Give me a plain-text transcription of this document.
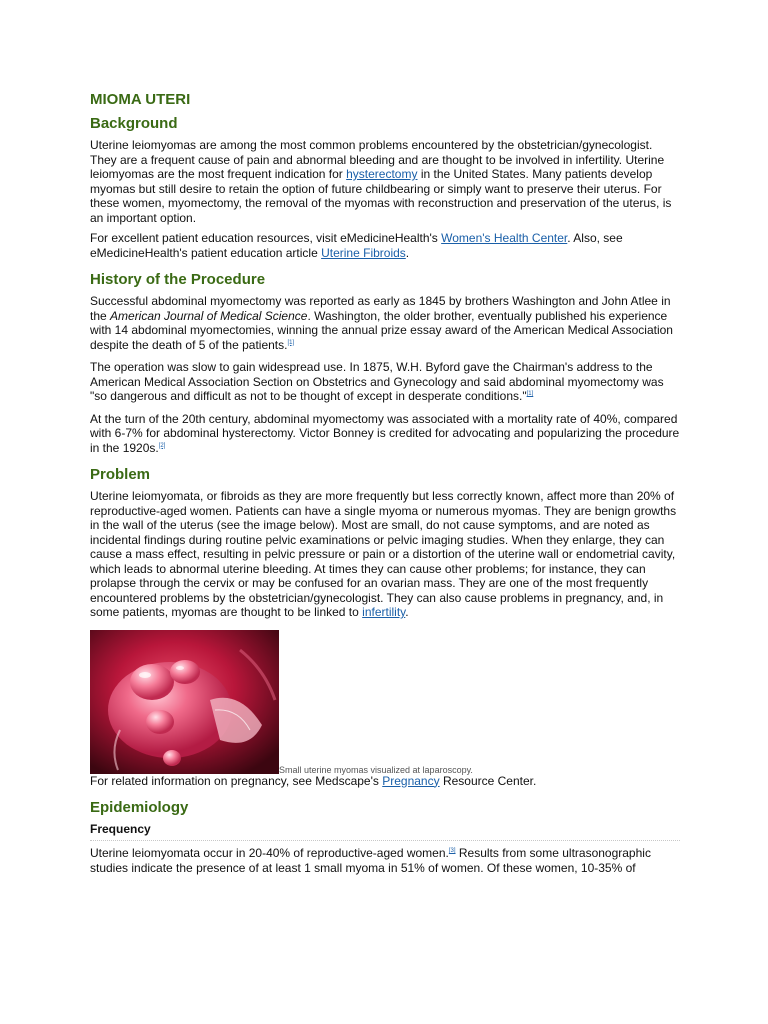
MIOMA UTERI
Background

Uterine leiomyomas are among the most common problems encountered by the obstetrician/gynecologist. They are a frequent cause of pain and abnormal bleeding and are thought to be involved in infertility. Uterine leiomyomas are the most frequent indication for hysterectomy in the United States. Many patients develop myomas but still desire to retain the option of future childbearing or simply want to preserve their uterus. For these women, myomectomy, the removal of the myomas with reconstruction and preservation of the uterus, is an important option.

For excellent patient education resources, visit eMedicineHealth's Women's Health Center. Also, see eMedicineHealth's patient education article Uterine Fibroids.

History of the Procedure

Successful abdominal myomectomy was reported as early as 1845 by brothers Washington and John Atlee in the American Journal of Medical Science. Washington, the older brother, eventually published his experience with 14 abdominal myomectomies, winning the annual prize essay award of the American Medical Association despite the death of 5 of the patients.[1]

The operation was slow to gain widespread use. In 1875, W.H. Byford gave the Chairman's address to the American Medical Association Section on Obstetrics and Gynecology and said abdominal myomectomy was "so dangerous and difficult as not to be thought of except in desperate conditions."[1]

At the turn of the 20th century, abdominal myomectomy was associated with a mortality rate of 40%, compared with 6-7% for abdominal hysterectomy. Victor Bonney is credited for advocating and popularizing the procedure in the 1920s.[2]

Problem

Uterine leiomyomata, or fibroids as they are more frequently but less correctly known, affect more than 20% of reproductive-aged women. Patients can have a single myoma or numerous myomas. They are benign growths in the wall of the uterus (see the image below). Most are small, do not cause symptoms, and are noted as incidental findings during routine pelvic examinations or pelvic imaging studies. When they enlarge, they can cause a mass effect, resulting in pelvic pressure or pain or a distortion of the uterine wall or endometrial cavity, which leads to abnormal uterine bleeding. At times they can cause other problems; for instance, they can prolapse through the cervix or may be confused for an ovarian mass. They are one of the most frequently encountered problems by the obstetrician/gynecologist. They can also cause problems in pregnancy, and, in some patients, myomas are thought to be linked to infertility.

Small uterine myomas visualized at laparoscopy.

For related information on pregnancy, see Medscape's Pregnancy Resource Center.

Epidemiology

Frequency

Uterine leiomyomata occur in 20-40% of reproductive-aged women.[3] Results from some ultrasonographic studies indicate the presence of at least 1 small myoma in 51% of women. Of these women, 10-35% of
